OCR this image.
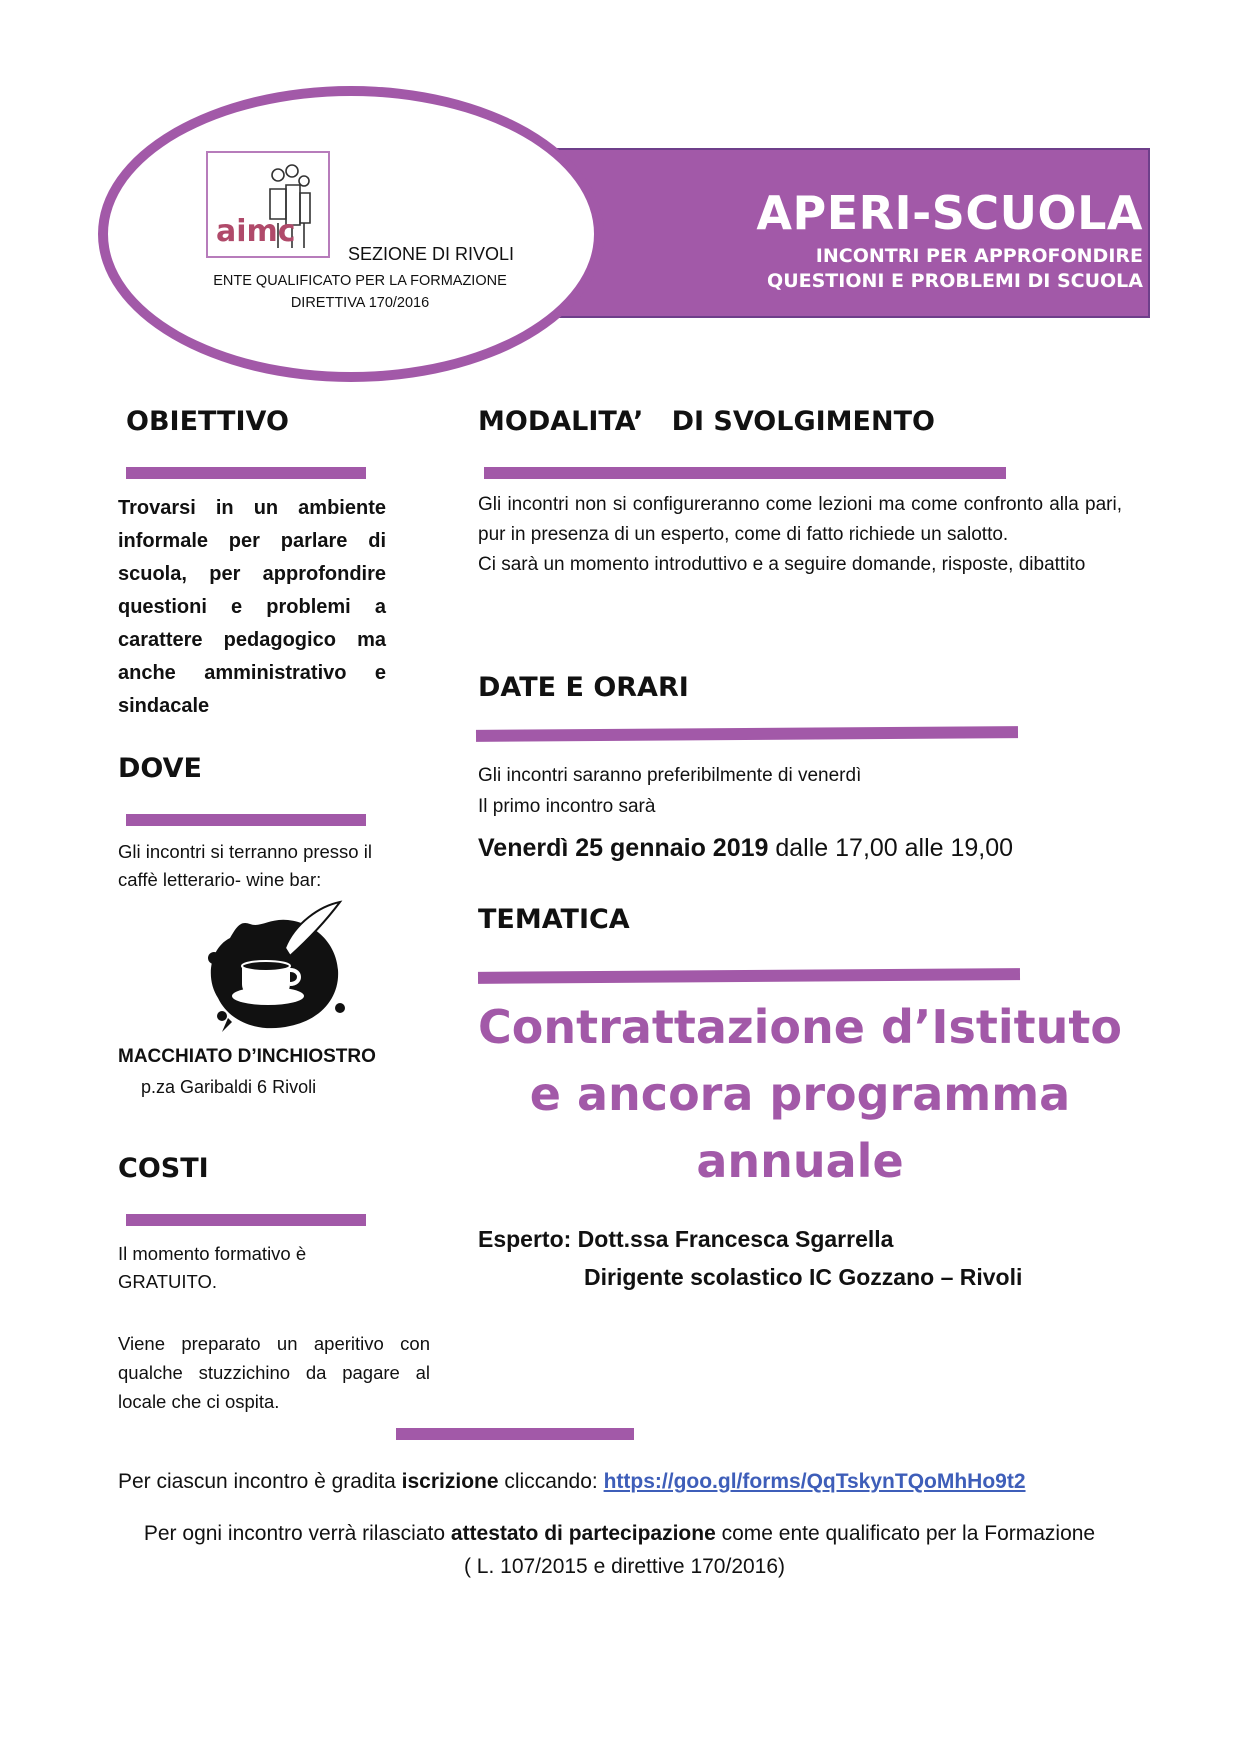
aimc
SEZIONE DI RIVOLI
ENTE QUALIFICATO PER LA FORMAZIONE
DIRETTIVA 170/2016
APERI-SCUOLA
INCONTRI PER APPROFONDIRE
QUESTIONI E PROBLEMI DI SCUOLA
OBIETTIVO
Trovarsi in un ambiente informale per parlare di scuola, per approfondire questioni e problemi a carattere pedagogico ma anche amministrativo e sindacale
DOVE
Gli incontri si terranno presso il caffè letterario- wine bar:
MACCHIATO D’INCHIOSTRO
p.za Garibaldi 6 Rivoli
COSTI
Il momento formativo è
GRATUITO.
Viene preparato un aperitivo con qualche stuzzichino da pagare al locale che ci ospita.
MODALITA’   DI SVOLGIMENTO
Gli incontri non si configureranno come lezioni ma come confronto alla pari, pur in presenza di un esperto, come di fatto richiede un salotto.
Ci sarà un momento introduttivo e a seguire domande, risposte, dibattito
DATE E ORARI
Gli incontri saranno preferibilmente di venerdì
Il primo incontro sarà
Venerdì 25 gennaio 2019 dalle 17,00 alle 19,00
TEMATICA
Contrattazione d’Istituto
e ancora programma
annuale
Esperto: Dott.ssa Francesca Sgarrella
Dirigente scolastico IC Gozzano – Rivoli
Per ciascun incontro è gradita iscrizione cliccando: https://goo.gl/forms/QqTskynTQoMhHo9t2
Per ogni incontro verrà rilasciato attestato di partecipazione come ente qualificato per la Formazione
( L. 107/2015 e direttive 170/2016)
